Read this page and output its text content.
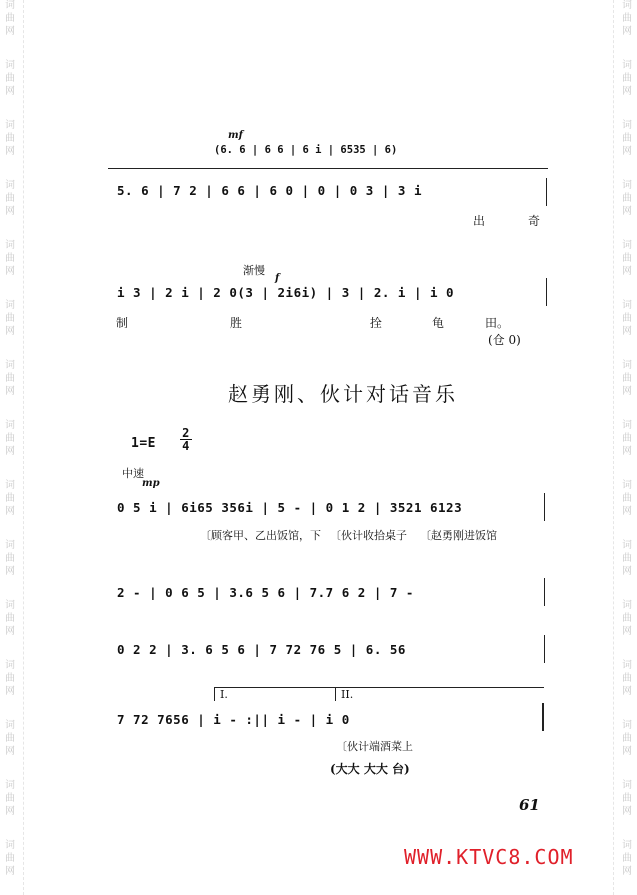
词
曲
网
词
曲
网
词
曲
网
词
曲
网
词
曲
网
词
曲
网
词
曲
网
词
曲
网
词
曲
网
词
曲
网
词
曲
网
词
曲
网
词
曲
网
词
曲
网
词
曲
网
词
曲
网
词
曲
网
词
曲
网
词
曲
网
词
曲
网
词
曲
网
词
曲
网
词
曲
网
词
曲
网
词
曲
网
词
曲
网
词
曲
网
词
曲
网
词
曲
网
词
曲
网
mf
(6. 6 | 6 6 | 6 i | 6535 | 6)
5. 6 | 7 2 | 6 6 | 6 0 | 0 | 0 3 | 3 i
出	奇
渐慢
f
i 3 | 2 i | 2 0(3 | 2i6i) | 3 | 2. i | i 0
制	胜	拴	龟	田。
(仓 0)
赵勇刚、伙计对话音乐
1=E
2
4
中速
mp
0 5 i | 6i65 356i | 5 - | 0 1 2 | 3521 6123
〔顾客甲、乙出饭馆，下 〔伙计收拾桌子 〔赵勇刚进饭馆
2 - | 0 6 5 | 3.6 5 6 | 7.7 6 2 | 7 -
0 2 2 | 3. 6 5 6 | 7 72 76 5 | 6. 56
I.	II.
7 72 7656 | i - :|| i - | i 0
〔伙计端酒菜上
(大大 大大 台)
61
WWW.KTVC8.COM
